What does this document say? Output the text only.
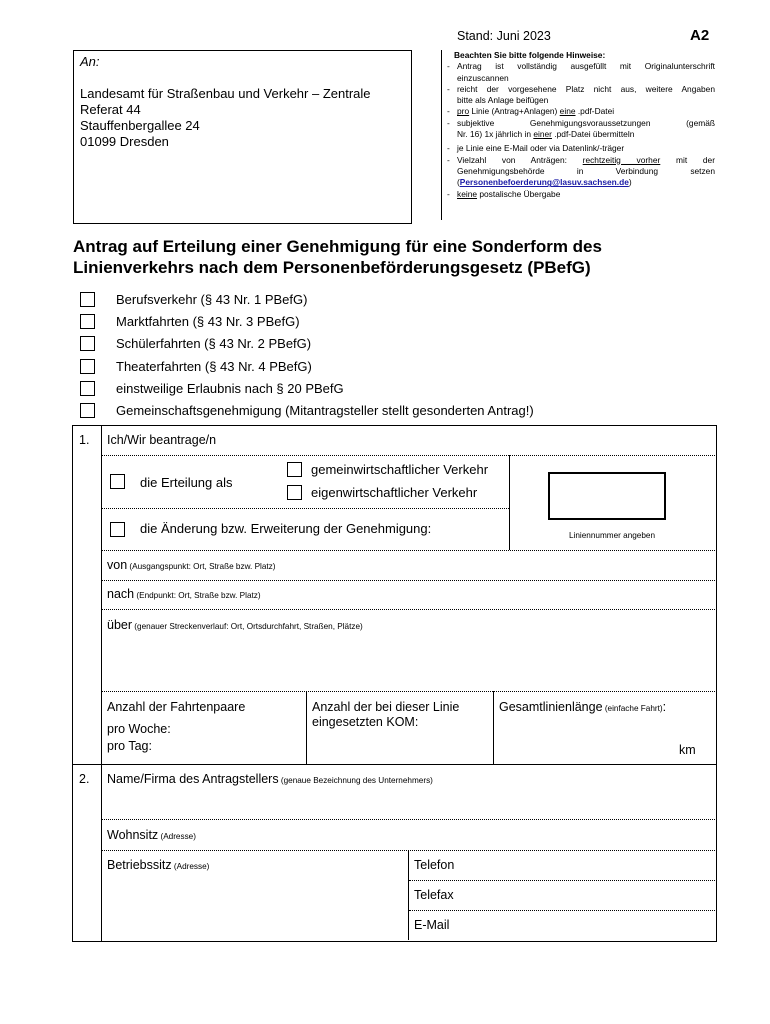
Stand: Juni 2023	A2
An:
Landesamt für Straßenbau und Verkehr – Zentrale
Referat 44
Stauffenbergallee 24
01099 Dresden
Beachten Sie bitte folgende Hinweise:
- Antrag ist vollständig ausgefüllt mit Originalunterschrift
einzuscannen
- reicht der vorgesehene Platz nicht aus, weitere Angaben
bitte als Anlage beifügen
- pro Linie (Antrag+Anlagen) eine .pdf-Datei
- subjektive Genehmigungsvoraussetzungen (gemäß
Nr. 16) 1x jährlich in einer .pdf-Datei übermitteln
- je Linie eine E-Mail oder via Datenlink/-träger
- Vielzahl von Anträgen: rechtzeitig vorher mit der
Genehmigungsbehörde in Verbindung setzen
(Personenbefoerderung@lasuv.sachsen.de)
- keine postalische Übergabe
Antrag auf Erteilung einer Genehmigung für eine Sonderform des
Linienverkehrs nach dem Personenbeförderungsgesetz (PBefG)
Berufsverkehr (§ 43 Nr. 1 PBefG)
Marktfahrten (§ 43 Nr. 3 PBefG)
Schülerfahrten (§ 43 Nr. 2 PBefG)
Theaterfahrten (§ 43 Nr. 4 PBefG)
einstweilige Erlaubnis nach § 20 PBefG
Gemeinschaftsgenehmigung (Mitantragsteller stellt gesonderten Antrag!)
1. Ich/Wir beantrage/n
die Erteilung als
gemeinwirtschaftlicher Verkehr
eigenwirtschaftlicher Verkehr
die Änderung bzw. Erweiterung der Genehmigung:	Liniennummer angeben
von (Ausgangspunkt: Ort, Straße bzw. Platz)
nach (Endpunkt: Ort, Straße bzw. Platz)
über (genauer Streckenverlauf: Ort, Ortsdurchfahrt, Straßen, Plätze)
Anzahl der Fahrtenpaare
pro Woche:
pro Tag:
Anzahl der bei dieser Linie
eingesetzten KOM:
Gesamtlinienlänge (einfache Fahrt):
km
2. Name/Firma des Antragstellers (genaue Bezeichnung des Unternehmers)
Wohnsitz (Adresse)
Betriebssitz (Adresse)	Telefon
Telefax
E-Mail
